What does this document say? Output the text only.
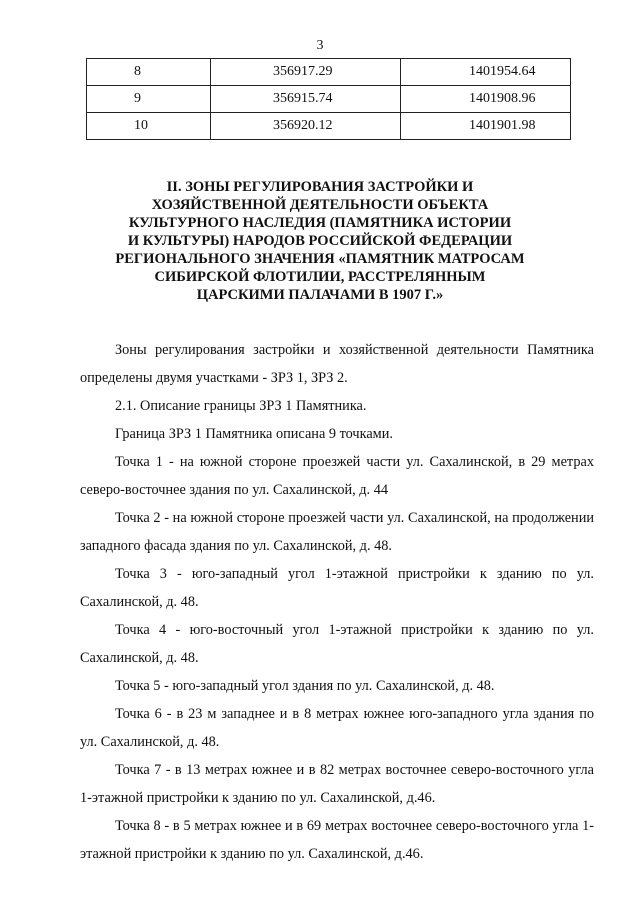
3
8	356917.29	1401954.64
9	356915.74	1401908.96
10	356920.12	1401901.98
II. ЗОНЫ РЕГУЛИРОВАНИЯ ЗАСТРОЙКИ И
ХОЗЯЙСТВЕННОЙ ДЕЯТЕЛЬНОСТИ ОБЪЕКТА
КУЛЬТУРНОГО НАСЛЕДИЯ (ПАМЯТНИКА ИСТОРИИ
И КУЛЬТУРЫ) НАРОДОВ РОССИЙСКОЙ ФЕДЕРАЦИИ
РЕГИОНАЛЬНОГО ЗНАЧЕНИЯ «ПАМЯТНИК МАТРОСАМ
СИБИРСКОЙ ФЛОТИЛИИ, РАССТРЕЛЯННЫМ
ЦАРСКИМИ ПАЛАЧАМИ В 1907 Г.»

Зоны регулирования застройки и хозяйственной деятельности Памятника определены двумя участками - ЗРЗ 1, ЗРЗ 2.

2.1. Описание границы ЗРЗ 1 Памятника.

Граница ЗРЗ 1 Памятника описана 9 точками.

Точка 1 - на южной стороне проезжей части ул. Сахалинской, в 29 метрах северо-восточнее здания по ул. Сахалинской, д. 44

Точка 2 - на южной стороне проезжей части ул. Сахалинской, на продолжении западного фасада здания по ул. Сахалинской, д. 48.

Точка 3 - юго-западный угол 1-этажной пристройки к зданию по ул. Сахалинской, д. 48.

Точка 4 - юго-восточный угол 1-этажной пристройки к зданию по ул. Сахалинской, д. 48.

Точка 5 - юго-западный угол здания по ул. Сахалинской, д. 48.

Точка 6 - в 23 м западнее и в 8 метрах южнее юго-западного угла здания по ул. Сахалинской, д. 48.

Точка 7 - в 13 метрах южнее и в 82 метрах восточнее северо-восточного угла 1-этажной пристройки к зданию по ул. Сахалинской, д.46.

Точка 8 - в 5 метрах южнее и в 69 метрах восточнее северо-восточного угла 1-этажной пристройки к зданию по ул. Сахалинской, д.46.
